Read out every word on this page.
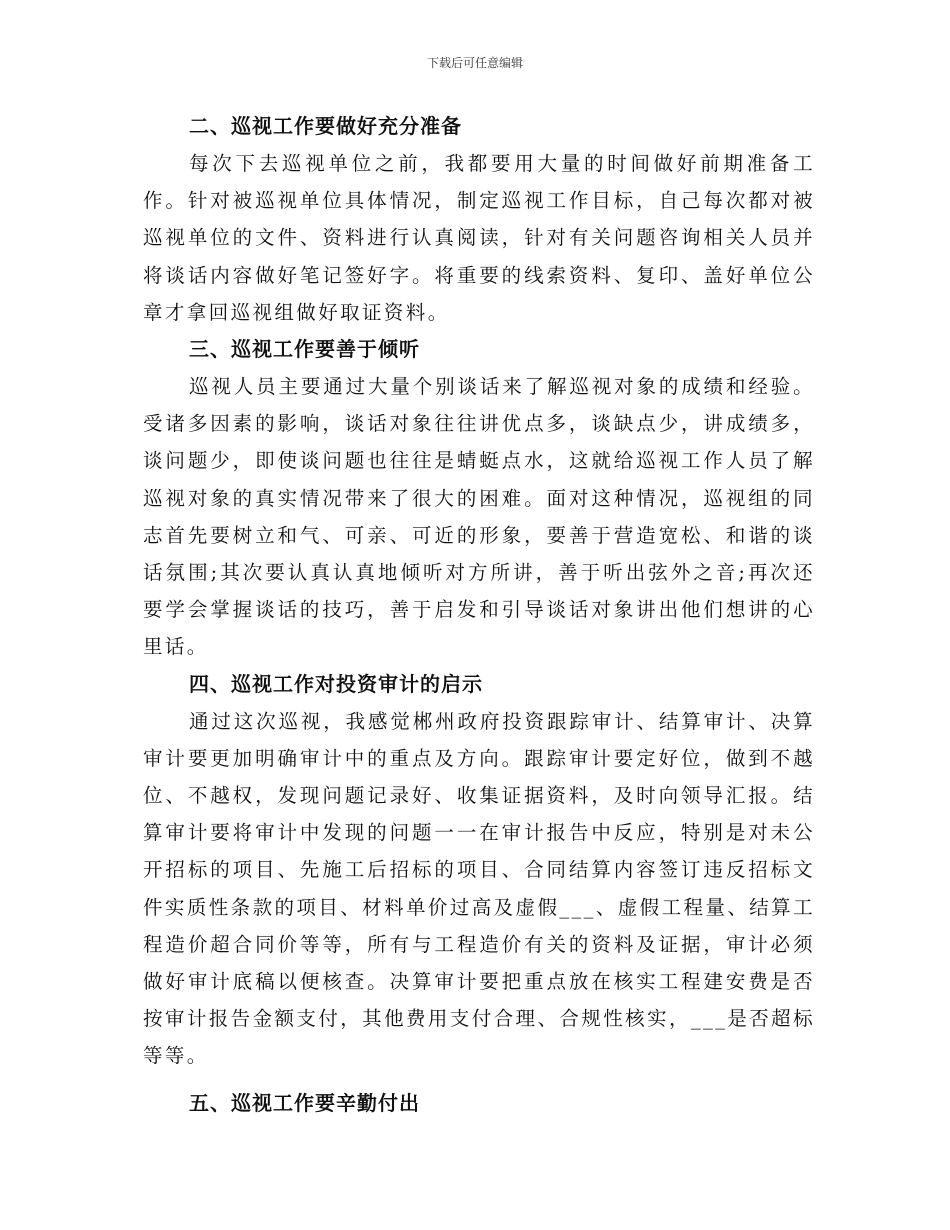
下载后可任意编辑

二、巡视工作要做好充分准备

每次下去巡视单位之前，我都要用大量的时间做好前期准备工作。针对被巡视单位具体情况，制定巡视工作目标，自己每次都对被巡视单位的文件、资料进行认真阅读，针对有关问题咨询相关人员并将谈话内容做好笔记签好字。将重要的线索资料、复印、盖好单位公章才拿回巡视组做好取证资料。

三、巡视工作要善于倾听

巡视人员主要通过大量个别谈话来了解巡视对象的成绩和经验。受诸多因素的影响，谈话对象往往讲优点多，谈缺点少，讲成绩多，谈问题少，即使谈问题也往往是蜻蜓点水，这就给巡视工作人员了解巡视对象的真实情况带来了很大的困难。面对这种情况，巡视组的同志首先要树立和气、可亲、可近的形象，要善于营造宽松、和谐的谈话氛围;其次要认真认真地倾听对方所讲，善于听出弦外之音;再次还要学会掌握谈话的技巧，善于启发和引导谈话对象讲出他们想讲的心里话。

四、巡视工作对投资审计的启示

通过这次巡视，我感觉郴州政府投资跟踪审计、结算审计、决算审计要更加明确审计中的重点及方向。跟踪审计要定好位，做到不越位、不越权，发现问题记录好、收集证据资料，及时向领导汇报。结算审计要将审计中发现的问题一一在审计报告中反应，特别是对未公开招标的项目、先施工后招标的项目、合同结算内容签订违反招标文件实质性条款的项目、材料单价过高及虚假___、虚假工程量、结算工程造价超合同价等等，所有与工程造价有关的资料及证据，审计必须做好审计底稿以便核查。决算审计要把重点放在核实工程建安费是否按审计报告金额支付，其他费用支付合理、合规性核实，___是否超标等等。

五、巡视工作要辛勤付出
